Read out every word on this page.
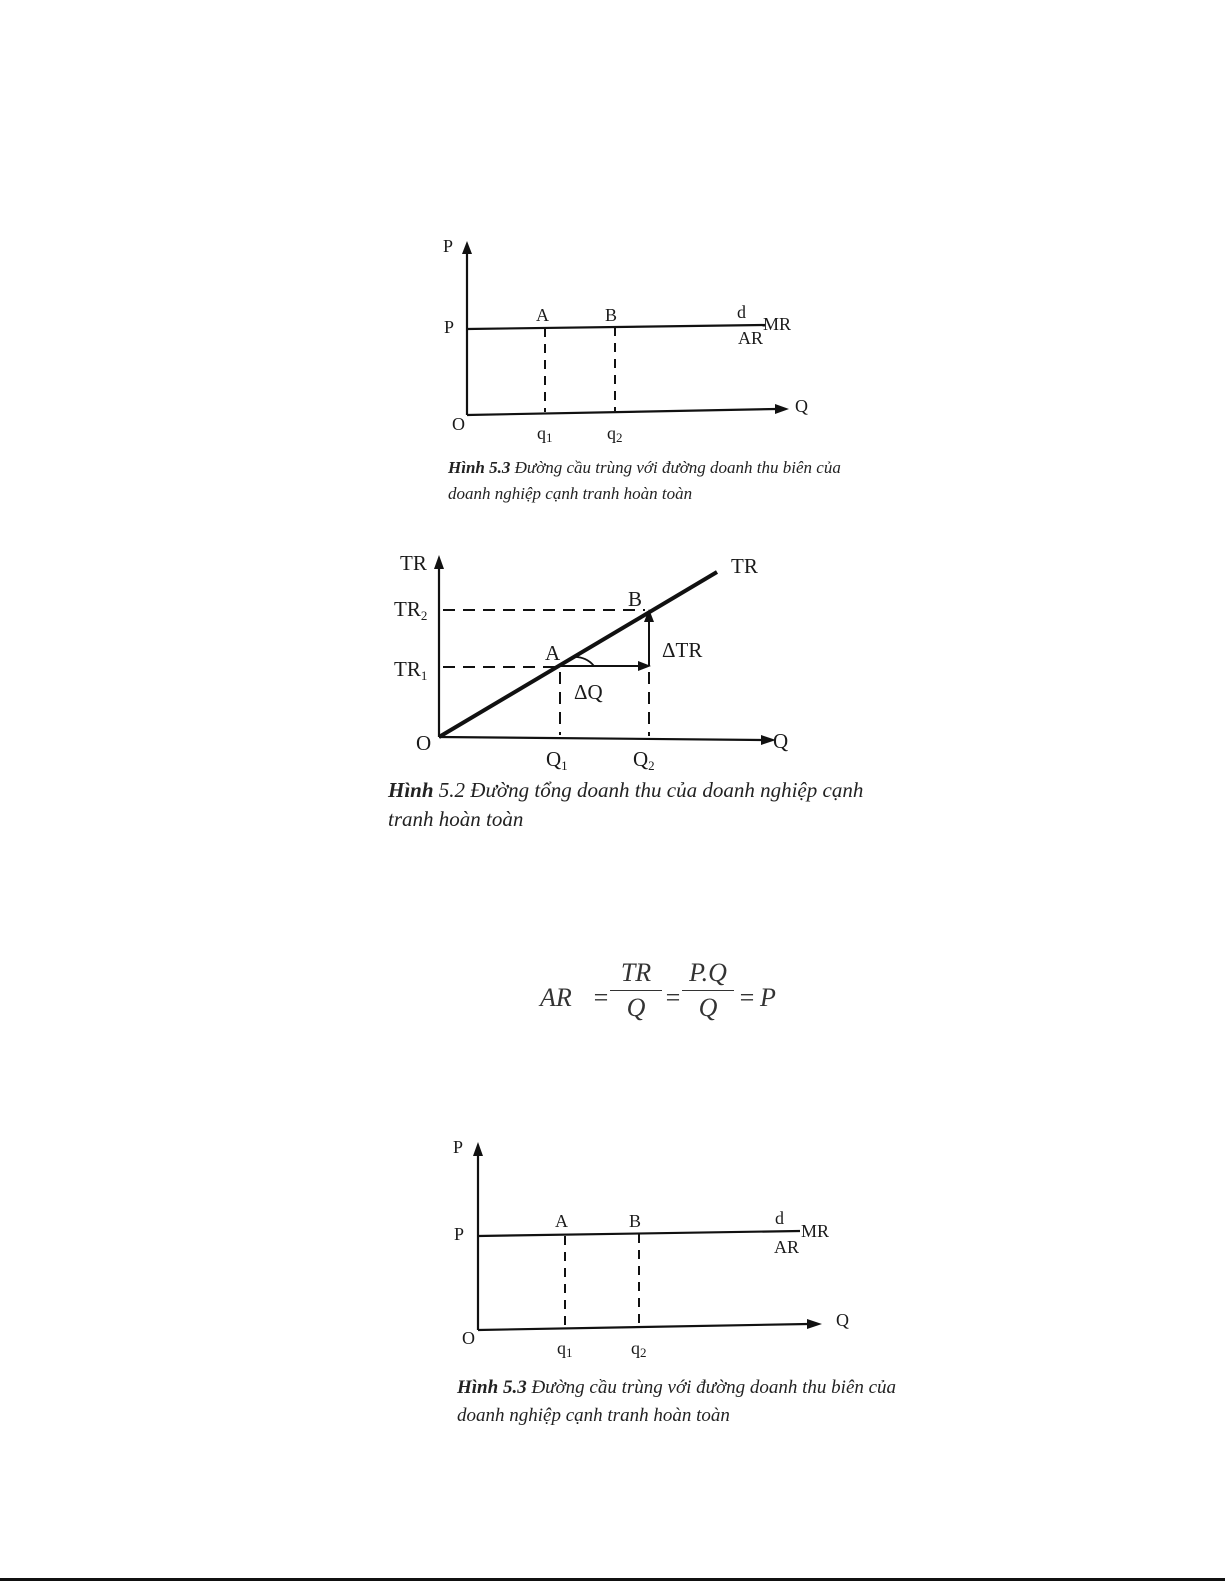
P
P
O
Q
A	B
q1	q2
d
MR
AR

Hình 5.3 Đường cầu trùng với đường doanh thu biên của doanh nghiệp cạnh tranh hoàn toàn

TR
TR2
TR1
O	Q
TR
B
A	ΔTR
ΔQ
Q1	Q2

Hình 5.2 Đường tổng doanh thu của doanh nghiệp cạnh tranh hoàn toàn

AR =
TR
Q =
P.Q
Q = P
P
P
O
Q
A	B
q1	q2
d
MR
AR

Hình 5.3 Đường cầu trùng với đường doanh thu biên của doanh nghiệp cạnh tranh hoàn toàn
